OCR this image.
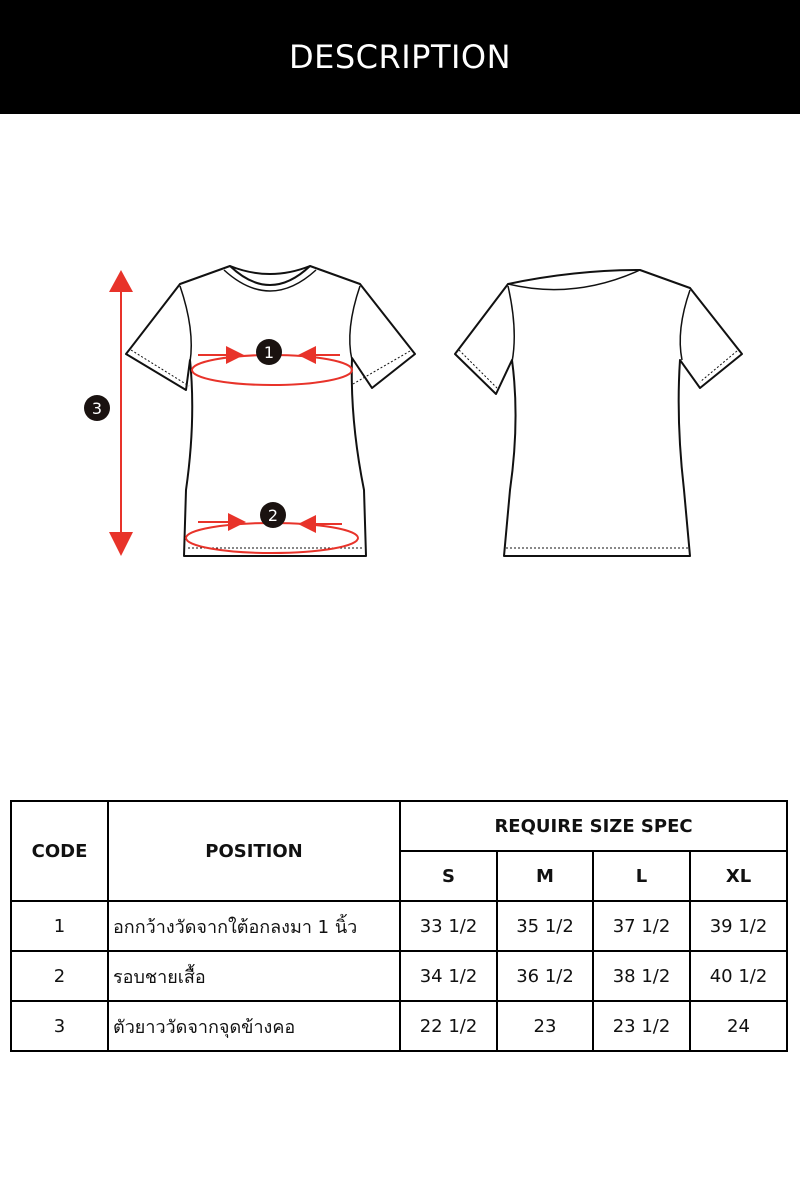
DESCRIPTION
1
2
3
CODE	POSITION	REQUIRE SIZE SPEC			
		S	M	L	XL
1	อกกว้างวัดจากใต้อกลงมา 1 นิ้ว	33 1/2	35 1/2	37 1/2	39 1/2
2	รอบชายเสื้อ	34 1/2	36 1/2	38 1/2	40 1/2
3	ตัวยาววัดจากจุดข้างคอ	22 1/2	23	23 1/2	24
